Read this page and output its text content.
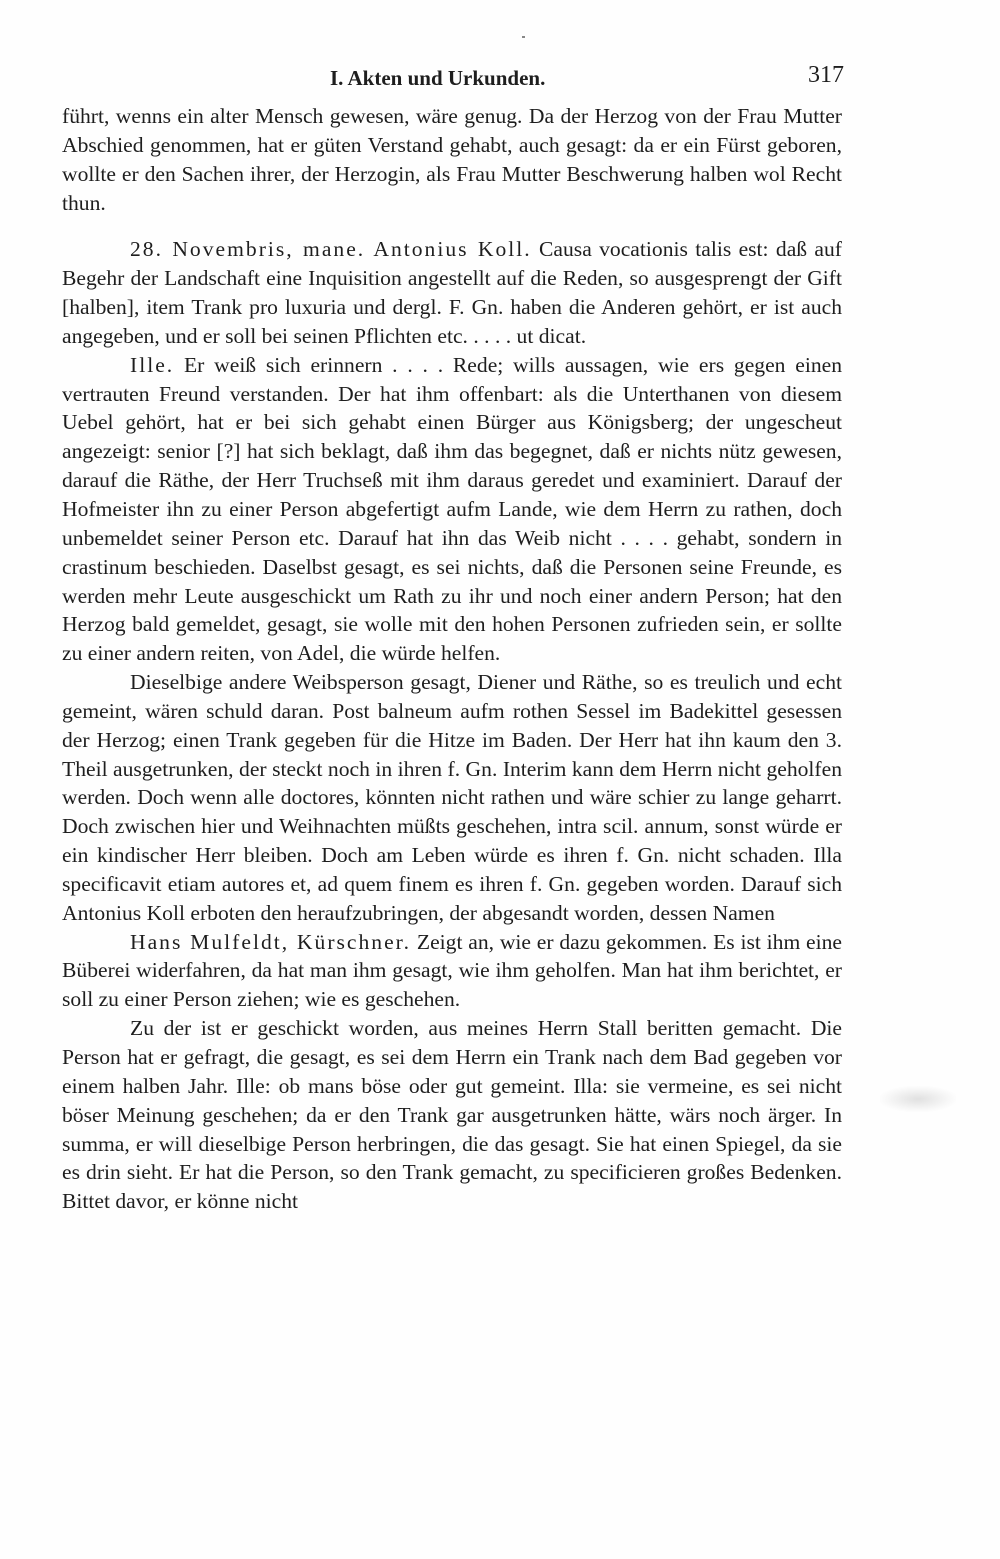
I. Akten und Urkunden.	317

führt, wenns ein alter Mensch gewesen, wäre genug. Da der Herzog von der Frau Mutter Abschied genommen, hat er güten Verstand gehabt, auch gesagt: da er ein Fürst geboren, wollte er den Sachen ihrer, der Herzogin, als Frau Mutter Beschwerung halben wol Recht thun.

28. Novembris, mane. Antonius Koll. Causa vocationis talis est: daß auf Begehr der Landschaft eine Inquisition angestellt auf die Reden, so ausgesprengt der Gift [halben], item Trank pro luxuria und dergl. F. Gn. haben die Anderen gehört, er ist auch angegeben, und er soll bei seinen Pflichten etc. . . . . ut dicat.

Ille. Er weiß sich erinnern . . . . Rede; wills aussagen, wie ers gegen einen vertrauten Freund verstanden. Der hat ihm offenbart: als die Unterthanen von diesem Uebel gehört, hat er bei sich gehabt einen Bürger aus Königsberg; der ungescheut angezeigt: senior [?] hat sich beklagt, daß ihm das begegnet, daß er nichts nütz gewesen, darauf die Räthe, der Herr Truchseß mit ihm daraus geredet und examiniert. Darauf der Hofmeister ihn zu einer Person abgefertigt aufm Lande, wie dem Herrn zu rathen, doch unbemeldet seiner Person etc. Darauf hat ihn das Weib nicht . . . . gehabt, sondern in crastinum beschieden. Daselbst gesagt, es sei nichts, daß die Personen seine Freunde, es werden mehr Leute ausgeschickt um Rath zu ihr und noch einer andern Person; hat den Herzog bald gemeldet, gesagt, sie wolle mit den hohen Personen zufrieden sein, er sollte zu einer andern reiten, von Adel, die würde helfen.

Dieselbige andere Weibsperson gesagt, Diener und Räthe, so es treulich und echt gemeint, wären schuld daran. Post balneum aufm rothen Sessel im Badekittel gesessen der Herzog; einen Trank gegeben für die Hitze im Baden. Der Herr hat ihn kaum den 3. Theil ausgetrunken, der steckt noch in ihren f. Gn. Interim kann dem Herrn nicht geholfen werden. Doch wenn alle doctores, könnten nicht rathen und wäre schier zu lange geharrt. Doch zwischen hier und Weihnachten müßts geschehen, intra scil. annum, sonst würde er ein kindischer Herr bleiben. Doch am Leben würde es ihren f. Gn. nicht schaden. Illa specificavit etiam autores et, ad quem finem es ihren f. Gn. gegeben worden. Darauf sich Antonius Koll erboten den heraufzubringen, der abgesandt worden, dessen Namen

Hans Mulfeldt, Kürschner. Zeigt an, wie er dazu gekommen. Es ist ihm eine Büberei widerfahren, da hat man ihm gesagt, wie ihm geholfen. Man hat ihm berichtet, er soll zu einer Person ziehen; wie es geschehen.

Zu der ist er geschickt worden, aus meines Herrn Stall beritten gemacht. Die Person hat er gefragt, die gesagt, es sei dem Herrn ein Trank nach dem Bad gegeben vor einem halben Jahr. Ille: ob mans böse oder gut gemeint. Illa: sie vermeine, es sei nicht böser Meinung geschehen; da er den Trank gar ausgetrunken hätte, wärs noch ärger. In summa, er will dieselbige Person herbringen, die das gesagt. Sie hat einen Spiegel, da sie es drin sieht. Er hat die Person, so den Trank gemacht, zu specificieren großes Bedenken. Bittet davor, er könne nicht
